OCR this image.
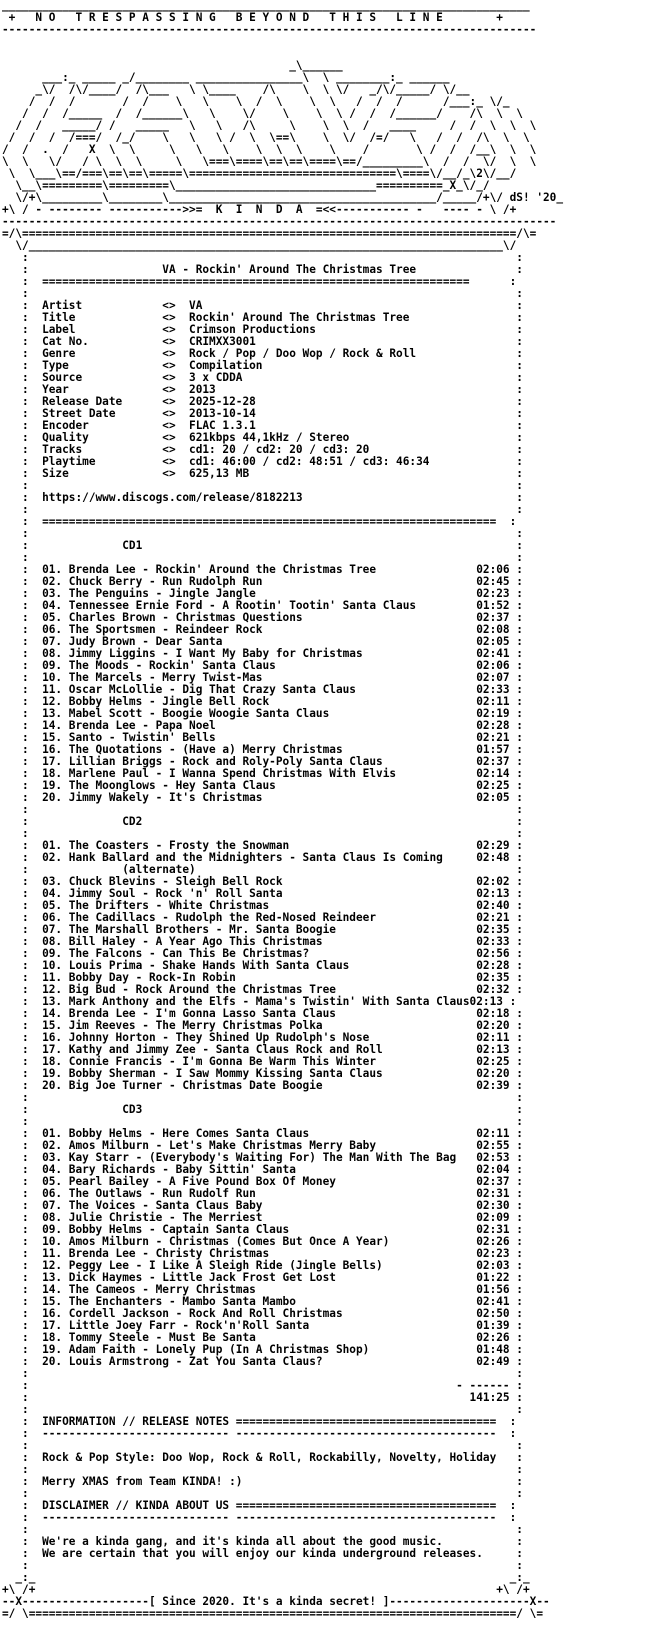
_______________________________________________________________________________
+   N O   T R E S P A S S I N G   B E Y O N D   T H I S   L I N E        +
--------------------------------------------------------------------------------
_\______
___:_ _____ _/________ ________________\  \ ________:_ ______
_\/  /\/____/  /\___   \ \____    /\    \  \ \/   _/\/_____/ \/__
/  /  /       /  /    \   \    \  /  \    \  \   /  /  /      /___:_ \/_
/  /  /_____  /  /______\   \    \/    \    \  \ /  /  /______/    /\  \  \
/  /   _____/ /   _____   \   \   /\     \    \  \  /   ____     /  /  \  \  \
/  /  /  /===/  /_/    \   \   \ /  \  \==\    \  \/  /=/   \   /  /  /\  \  \
/  /  .  /   X  \  \     \   \   \    \  \  \    \    /       \ /  /  /__\  \  \
\  \   \/   / \  \  \     \   \===\====\==\==\====\==/_________\  /  /  \/  \  \
\  \___\==/===\==\==\=====\===============================\====\/__/_\2\/__/
\__\=========\=========\______________________________==========_X_\/_/
\/+\_________\________\________________________________________/_____/+\/ dS! '20_
+\ / - -------- ----------->>=  K  I  N  D  A  =<<----------- -   ---- - \ /+
-----------------------------------------------------------------------------------
=/\==========================================================================/\=
\/_______________________________________________________________________\/
:                                                                         :
:                    VA - Rockin' Around The Christmas Tree               :
:  ================================================================      :
:                                                                         :
:  Artist            <>  VA                                               :
:  Title             <>  Rockin' Around The Christmas Tree                :
:  Label             <>  Crimson Productions                              :
:  Cat No.           <>  CRIMXX3001                                       :
:  Genre             <>  Rock / Pop / Doo Wop / Rock & Roll               :
:  Type              <>  Compilation                                      :
:  Source            <>  3 x CDDA                                         :
:  Year              <>  2013                                             :
:  Release Date      <>  2025-12-28                                       :
:  Street Date       <>  2013-10-14                                       :
:  Encoder           <>  FLAC 1.3.1                                       :
:  Quality           <>  621kbps 44,1kHz / Stereo                         :
:  Tracks            <>  cd1: 20 / cd2: 20 / cd3: 20                      :
:  Playtime          <>  cd1: 46:00 / cd2: 48:51 / cd3: 46:34             :
:  Size              <>  625,13 MB                                        :
:                                                                         :
:  https://www.discogs.com/release/8182213                                :
:                                                                         :
:  ====================================================================  :
:                                                                         :
:              CD1                                                        :
:                                                                         :
:  01. Brenda Lee - Rockin' Around the Christmas Tree               02:06 :
:  02. Chuck Berry - Run Rudolph Run                                02:45 :
:  03. The Penguins - Jingle Jangle                                 02:23 :
:  04. Tennessee Ernie Ford - A Rootin' Tootin' Santa Claus         01:52 :
:  05. Charles Brown - Christmas Questions                          02:37 :
:  06. The Sportsmen - Reindeer Rock                                02:08 :
:  07. Judy Brown - Dear Santa                                      02:05 :
:  08. Jimmy Liggins - I Want My Baby for Christmas                 02:41 :
:  09. The Moods - Rockin' Santa Claus                              02:06 :
:  10. The Marcels - Merry Twist-Mas                                02:07 :
:  11. Oscar McLollie - Dig That Crazy Santa Claus                  02:33 :
:  12. Bobby Helms - Jingle Bell Rock                               02:11 :
:  13. Mabel Scott - Boogie Woogie Santa Claus                      02:19 :
:  14. Brenda Lee - Papa Noel                                       02:28 :
:  15. Santo - Twistin' Bells                                       02:21 :
:  16. The Quotations - (Have a) Merry Christmas                    01:57 :
:  17. Lillian Briggs - Rock and Roly-Poly Santa Claus              02:37 :
:  18. Marlene Paul - I Wanna Spend Christmas With Elvis            02:14 :
:  19. The Moonglows - Hey Santa Claus                              02:25 :
:  20. Jimmy Wakely - It's Christmas                                02:05 :
:                                                                         :
:              CD2                                                        :
:                                                                         :
:  01. The Coasters - Frosty the Snowman                            02:29 :
:  02. Hank Ballard and the Midnighters - Santa Claus Is Coming     02:48 :
:              (alternate)                                                :
:  03. Chuck Blevins - Sleigh Bell Rock                             02:02 :
:  04. Jimmy Soul - Rock 'n' Roll Santa                             02:13 :
:  05. The Drifters - White Christmas                               02:40 :
:  06. The Cadillacs - Rudolph the Red-Nosed Reindeer               02:21 :
:  07. The Marshall Brothers - Mr. Santa Boogie                     02:35 :
:  08. Bill Haley - A Year Ago This Christmas                       02:33 :
:  09. The Falcons - Can This Be Christmas?                         02:56 :
:  10. Louis Prima - Shake Hands With Santa Claus                   02:28 :
:  11. Bobby Day - Rock-In Robin                                    02:35 :
:  12. Big Bud - Rock Around the Christmas Tree                     02:32 :
:  13. Mark Anthony and the Elfs - Mama's Twistin' With Santa Claus02:13 :
:  14. Brenda Lee - I'm Gonna Lasso Santa Claus                     02:18 :
:  15. Jim Reeves - The Merry Christmas Polka                       02:20 :
:  16. Johnny Horton - They Shined Up Rudolph's Nose                02:11 :
:  17. Kathy and Jimmy Zee - Santa Claus Rock and Roll              02:13 :
:  18. Connie Francis - I'm Gonna Be Warm This Winter               02:25 :
:  19. Bobby Sherman - I Saw Mommy Kissing Santa Claus              02:20 :
:  20. Big Joe Turner - Christmas Date Boogie                       02:39 :
:                                                                         :
:              CD3                                                        :
:                                                                         :
:  01. Bobby Helms - Here Comes Santa Claus                         02:11 :
:  02. Amos Milburn - Let's Make Christmas Merry Baby               02:55 :
:  03. Kay Starr - (Everybody's Waiting For) The Man With The Bag   02:53 :
:  04. Bary Richards - Baby Sittin' Santa                           02:04 :
:  05. Pearl Bailey - A Five Pound Box Of Money                     02:37 :
:  06. The Outlaws - Run Rudolf Run                                 02:31 :
:  07. The Voices - Santa Claus Baby                                02:30 :
:  08. Julie Christie - The Merriest                                02:09 :
:  09. Bobby Helms - Captain Santa Claus                            02:31 :
:  10. Amos Milburn - Christmas (Comes But Once A Year)             02:26 :
:  11. Brenda Lee - Christy Christmas                               02:23 :
:  12. Peggy Lee - I Like A Sleigh Ride (Jingle Bells)              02:03 :
:  13. Dick Haymes - Little Jack Frost Get Lost                     01:22 :
:  14. The Cameos - Merry Christmas                                 01:56 :
:  15. The Enchanters - Mambo Santa Mambo                           02:41 :
:  16. Cordell Jackson - Rock And Roll Christmas                    02:50 :
:  17. Little Joey Farr - Rock'n'Roll Santa                         01:39 :
:  18. Tommy Steele - Must Be Santa                                 02:26 :
:  19. Adam Faith - Lonely Pup (In A Christmas Shop)                01:48 :
:  20. Louis Armstrong - Zat You Santa Claus?                       02:49 :
:                                                                         :
:                                                                - ------ :
:                                                                  141:25 :
:                                                                         :
:  INFORMATION // RELEASE NOTES =======================================  :
:  ---------------------------- ---------------------------------------  :
:                                                                         :
:  Rock & Pop Style: Doo Wop, Rock & Roll, Rockabilly, Novelty, Holiday   :
:                                                                         :
:  Merry XMAS from Team KINDA! :)                                         :
:                                                                         :
:  DISCLAIMER // KINDA ABOUT US =======================================  :
:  ---------------------------- ---------------------------------------  :
:                                                                         :
:  We're a kinda gang, and it's kinda all about the good music.           :
:  We are certain that you will enjoy our kinda underground releases.     :
:                                                                         :
_:_                                                                       _:_
+\ /+                                                                     +\ /+
--X-------------------[ Since 2020. It's a kinda secret! ]---------------------X--
=/ \=========================================================================/ \=
